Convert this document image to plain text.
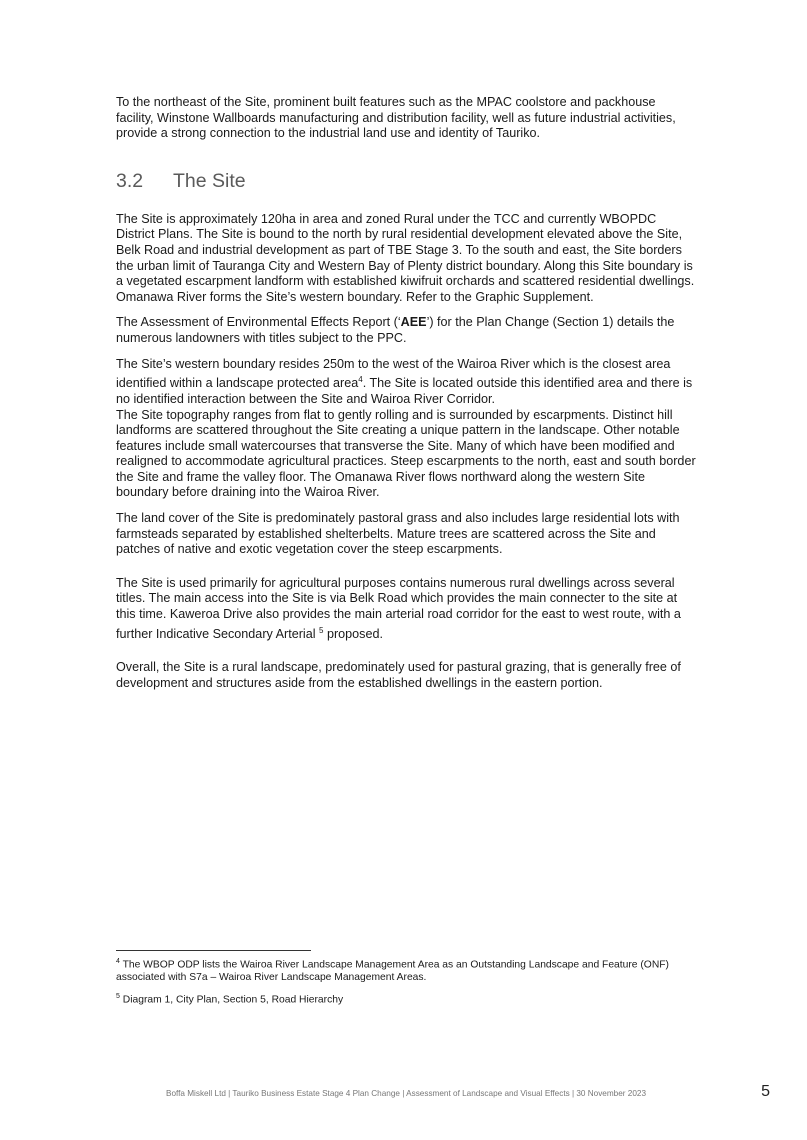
To the northeast of the Site, prominent built features such as the MPAC coolstore and packhouse facility, Winstone Wallboards manufacturing and distribution facility, well as future industrial activities, provide a strong connection to the industrial land use and identity of Tauriko.

3.2 The Site

The Site is approximately 120ha in area and zoned Rural under the TCC and currently WBOPDC District Plans. The Site is bound to the north by rural residential development elevated above the Site, Belk Road and industrial development as part of TBE Stage 3. To the south and east, the Site borders the urban limit of Tauranga City and Western Bay of Plenty district boundary. Along this Site boundary is a vegetated escarpment landform with established kiwifruit orchards and scattered residential dwellings. Omanawa River forms the Site’s western boundary. Refer to the Graphic Supplement.

The Assessment of Environmental Effects Report (‘AEE’) for the Plan Change (Section 1) details the numerous landowners with titles subject to the PPC.

The Site’s western boundary resides 250m to the west of the Wairoa River which is the closest area identified within a landscape protected area$^4$. The Site is located outside this identified area and there is no identified interaction between the Site and Wairoa River Corridor.

The Site topography ranges from flat to gently rolling and is surrounded by escarpments. Distinct hill landforms are scattered throughout the Site creating a unique pattern in the landscape. Other notable features include small watercourses that transverse the Site. Many of which have been modified and realigned to accommodate agricultural practices. Steep escarpments to the north, east and south border the Site and frame the valley floor. The Omanawa River flows northward along the western Site boundary before draining into the Wairoa River.

The land cover of the Site is predominately pastoral grass and also includes large residential lots with farmsteads separated by established shelterbelts. Mature trees are scattered across the Site and patches of native and exotic vegetation cover the steep escarpments.

The Site is used primarily for agricultural purposes contains numerous rural dwellings across several titles. The main access into the Site is via Belk Road which provides the main connecter to the site at this time. Kaweroa Drive also provides the main arterial road corridor for the east to west route, with a further Indicative Secondary Arterial $^5$ proposed.

Overall, the Site is a rural landscape, predominately used for pastural grazing, that is generally free of development and structures aside from the established dwellings in the eastern portion.

$^4$ The WBOP ODP lists the Wairoa River Landscape Management Area as an Outstanding Landscape and Feature (ONF) associated with S7a – Wairoa River Landscape Management Areas.

$^5$ Diagram 1, City Plan, Section 5, Road Hierarchy

Boffa Miskell Ltd | Tauriko Business Estate Stage 4 Plan Change | Assessment of Landscape and Visual Effects | 30 November 2023	5
